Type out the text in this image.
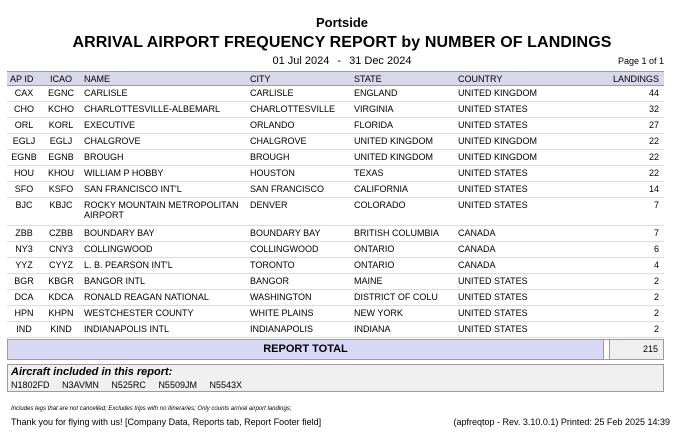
Portside
ARRIVAL AIRPORT FREQUENCY REPORT by NUMBER OF LANDINGS
01 Jul 2024 - 31 Dec 2024	Page 1 of 1
AP ID	ICAO	NAME	CITY	STATE	COUNTRY	LANDINGS
CAX	EGNC	CARLISLE	CARLISLE	ENGLAND	UNITED KINGDOM	44
CHO	KCHO	CHARLOTTESVILLE-ALBEMARL	CHARLOTTESVILLE	VIRGINIA	UNITED STATES	32
ORL	KORL	EXECUTIVE	ORLANDO	FLORIDA	UNITED STATES	27
EGLJ	EGLJ	CHALGROVE	CHALGROVE	UNITED KINGDOM	UNITED KINGDOM	22
EGNB	EGNB	BROUGH	BROUGH	UNITED KINGDOM	UNITED KINGDOM	22
HOU	KHOU	WILLIAM P HOBBY	HOUSTON	TEXAS	UNITED STATES	22
SFO	KSFO	SAN FRANCISCO INT'L	SAN FRANCISCO	CALIFORNIA	UNITED STATES	14
BJC	KBJC	ROCKY MOUNTAIN METROPOLITAN AIRPORT	DENVER	COLORADO	UNITED STATES	7
ZBB	CZBB	BOUNDARY BAY	BOUNDARY BAY	BRITISH COLUMBIA	CANADA	7
NY3	CNY3	COLLINGWOOD	COLLINGWOOD	ONTARIO	CANADA	6
YYZ	CYYZ	L. B. PEARSON INT'L	TORONTO	ONTARIO	CANADA	4
BGR	KBGR	BANGOR INTL	BANGOR	MAINE	UNITED STATES	2
DCA	KDCA	RONALD REAGAN NATIONAL	WASHINGTON	DISTRICT OF COLU	UNITED STATES	2
HPN	KHPN	WESTCHESTER COUNTY	WHITE PLAINS	NEW YORK	UNITED STATES	2
IND	KIND	INDIANAPOLIS INTL	INDIANAPOLIS	INDIANA	UNITED STATES	2
REPORT TOTAL	215
Aircraft included in this report:
N1802FD N3AVMN N525RC N5509JM N5543X
Includes legs that are not cancelled; Excludes trips with no itineraries; Only counts arrival airport landings;
Thank you for flying with us! [Company Data, Reports tab, Report Footer field]	(apfreqtop - Rev. 3.10.0.1) Printed: 25 Feb 2025 14:39
